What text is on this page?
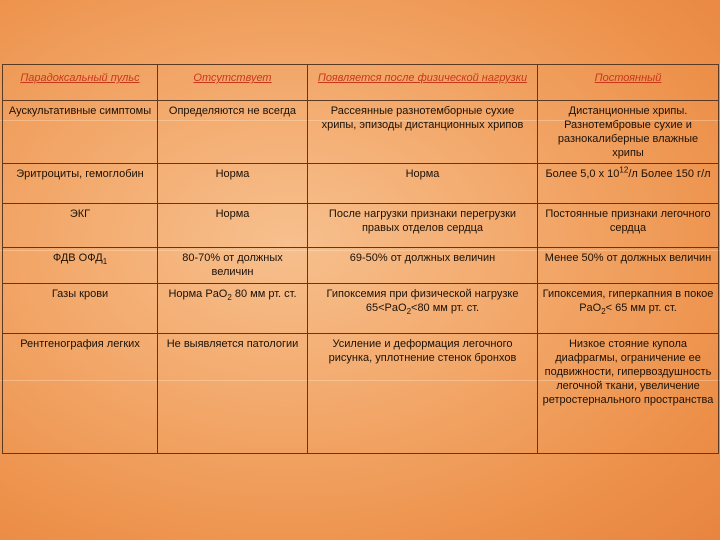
Парадоксальный пульс	Отсутствует	Появляется после физической нагрузки	Постоянный
Аускультативные симптомы	Определяются не всегда	Рассеянные разнотемборные сухие хрипы, эпизоды дистанционных хрипов	Дистанционные хрипы. Разнотембровые сухие и разнокалиберные влажные хрипы
Эритроциты, гемоглобин	Норма	Норма	Более 5,0 х $10^{12}/л$ Более 150 г/л
ЭКГ	Норма	После нагрузки признаки перегрузки правых отделов сердца	Постоянные признаки легочного сердца
ФДВ $ОФД_1$	80-70% от должных величин	69-50% от должных величин	Менее 50% от должных величин
Газы крови	Норма PaO$_2$ 80 мм рт. ст.	Гипоксемия при физической нагрузке 65<PaO$_2$<80 мм рт. ст.	Гипоксемия, гиперкапния в покое PaO$_2$< 65 мм рт. ст.
Рентгенография легких	Не выявляется патологии	Усиление и деформация легочного рисунка, уплотнение стенок бронхов	Низкое стояние купола диафрагмы, ограничение ее подвижности, гипервоздушность легочной ткани, увеличение ретростернального пространства
